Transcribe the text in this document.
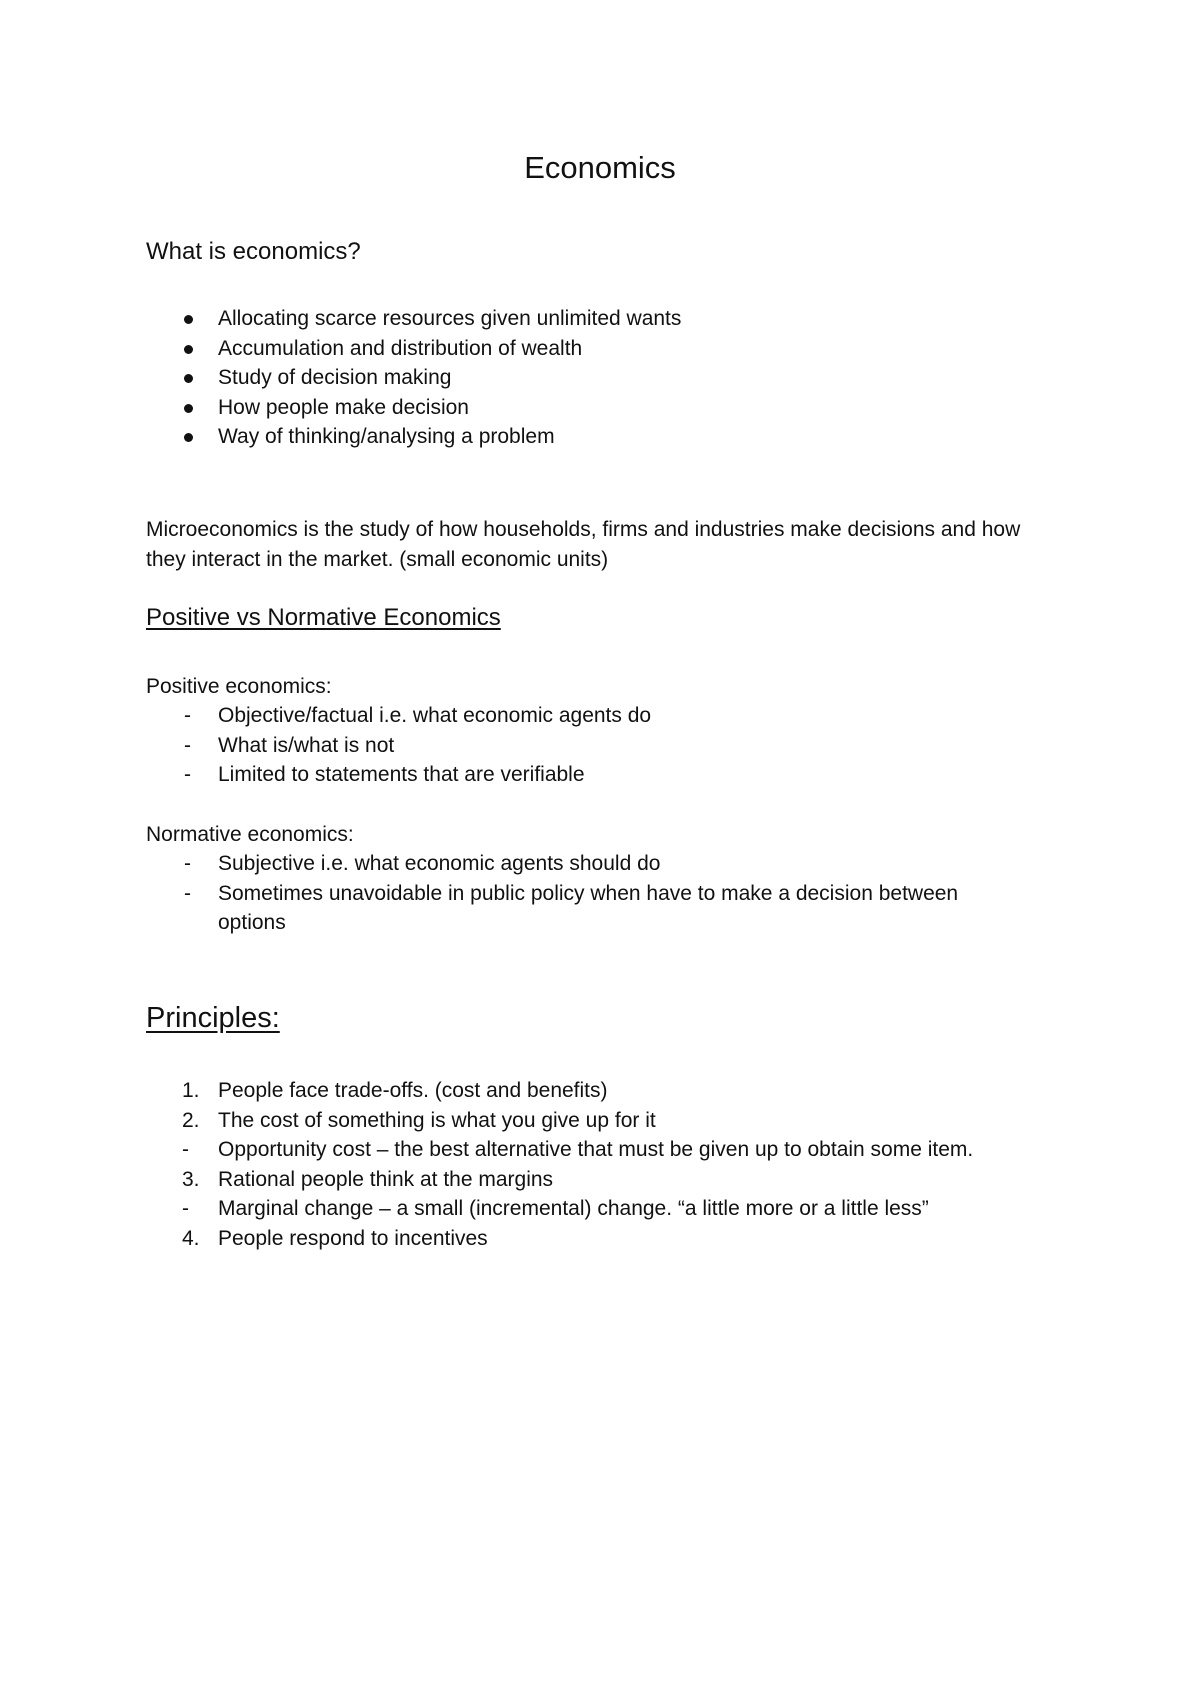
Economics
What is economics?
Allocating scarce resources given unlimited wants
Accumulation and distribution of wealth
Study of decision making
How people make decision
Way of thinking/analysing a problem
Microeconomics is the study of how households, firms and industries make decisions and how they interact in the market. (small economic units)
Positive vs Normative Economics
Positive economics:
- Objective/factual i.e. what economic agents do
- What is/what is not
- Limited to statements that are verifiable
Normative economics:
- Subjective i.e. what economic agents should do
- Sometimes unavoidable in public policy when have to make a decision between options
Principles:
1. People face trade-offs. (cost and benefits)
2. The cost of something is what you give up for it
- Opportunity cost – the best alternative that must be given up to obtain some item.
3. Rational people think at the margins
- Marginal change – a small (incremental) change. “a little more or a little less”
4. People respond to incentives
